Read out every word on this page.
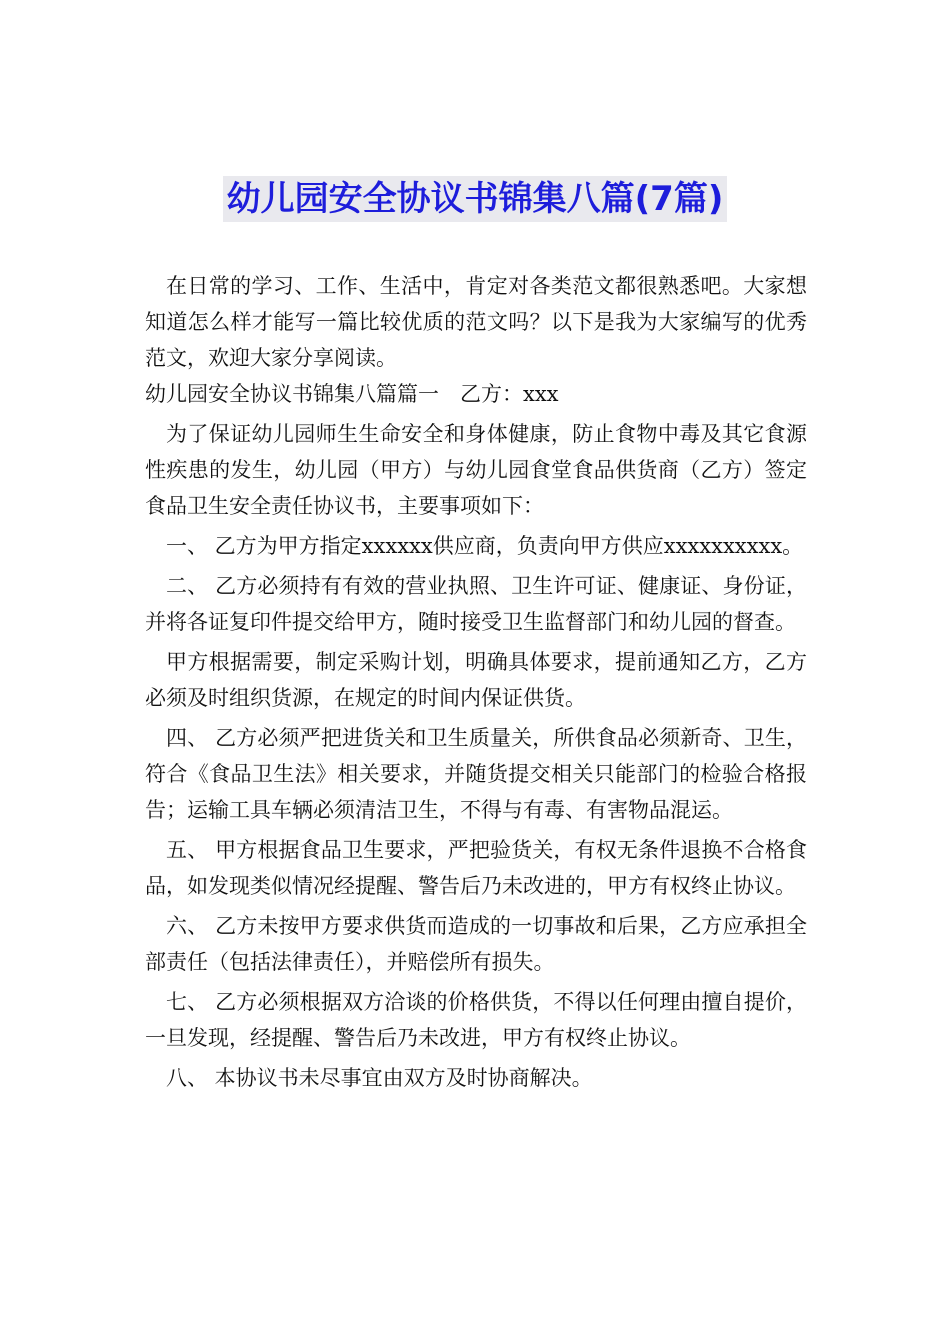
幼儿园安全协议书锦集八篇(7篇)

在日常的学习、工作、生活中，肯定对各类范文都很熟悉吧。大家想知道怎么样才能写一篇比较优质的范文吗？以下是我为大家编写的优秀范文，欢迎大家分享阅读。

幼儿园安全协议书锦集八篇篇一　乙方：xxx

为了保证幼儿园师生生命安全和身体健康，防止食物中毒及其它食源性疾患的发生，幼儿园（甲方）与幼儿园食堂食品供货商（乙方）签定食品卫生安全责任协议书，主要事项如下：

一、 乙方为甲方指定xxxxxx供应商，负责向甲方供应xxxxxxxxxx。

二、 乙方必须持有有效的营业执照、卫生许可证、健康证、身份证，并将各证复印件提交给甲方，随时接受卫生监督部门和幼儿园的督查。

甲方根据需要，制定采购计划，明确具体要求，提前通知乙方，乙方必须及时组织货源，在规定的时间内保证供货。

四、 乙方必须严把进货关和卫生质量关，所供食品必须新奇、卫生，符合《食品卫生法》相关要求，并随货提交相关只能部门的检验合格报告；运输工具车辆必须清洁卫生，不得与有毒、有害物品混运。

五、 甲方根据食品卫生要求，严把验货关，有权无条件退换不合格食品，如发现类似情况经提醒、警告后乃未改进的，甲方有权终止协议。

六、 乙方未按甲方要求供货而造成的一切事故和后果，乙方应承担全部责任（包括法律责任），并赔偿所有损失。

七、 乙方必须根据双方洽谈的价格供货，不得以任何理由擅自提价，一旦发现，经提醒、警告后乃未改进，甲方有权终止协议。

八、 本协议书未尽事宜由双方及时协商解决。
